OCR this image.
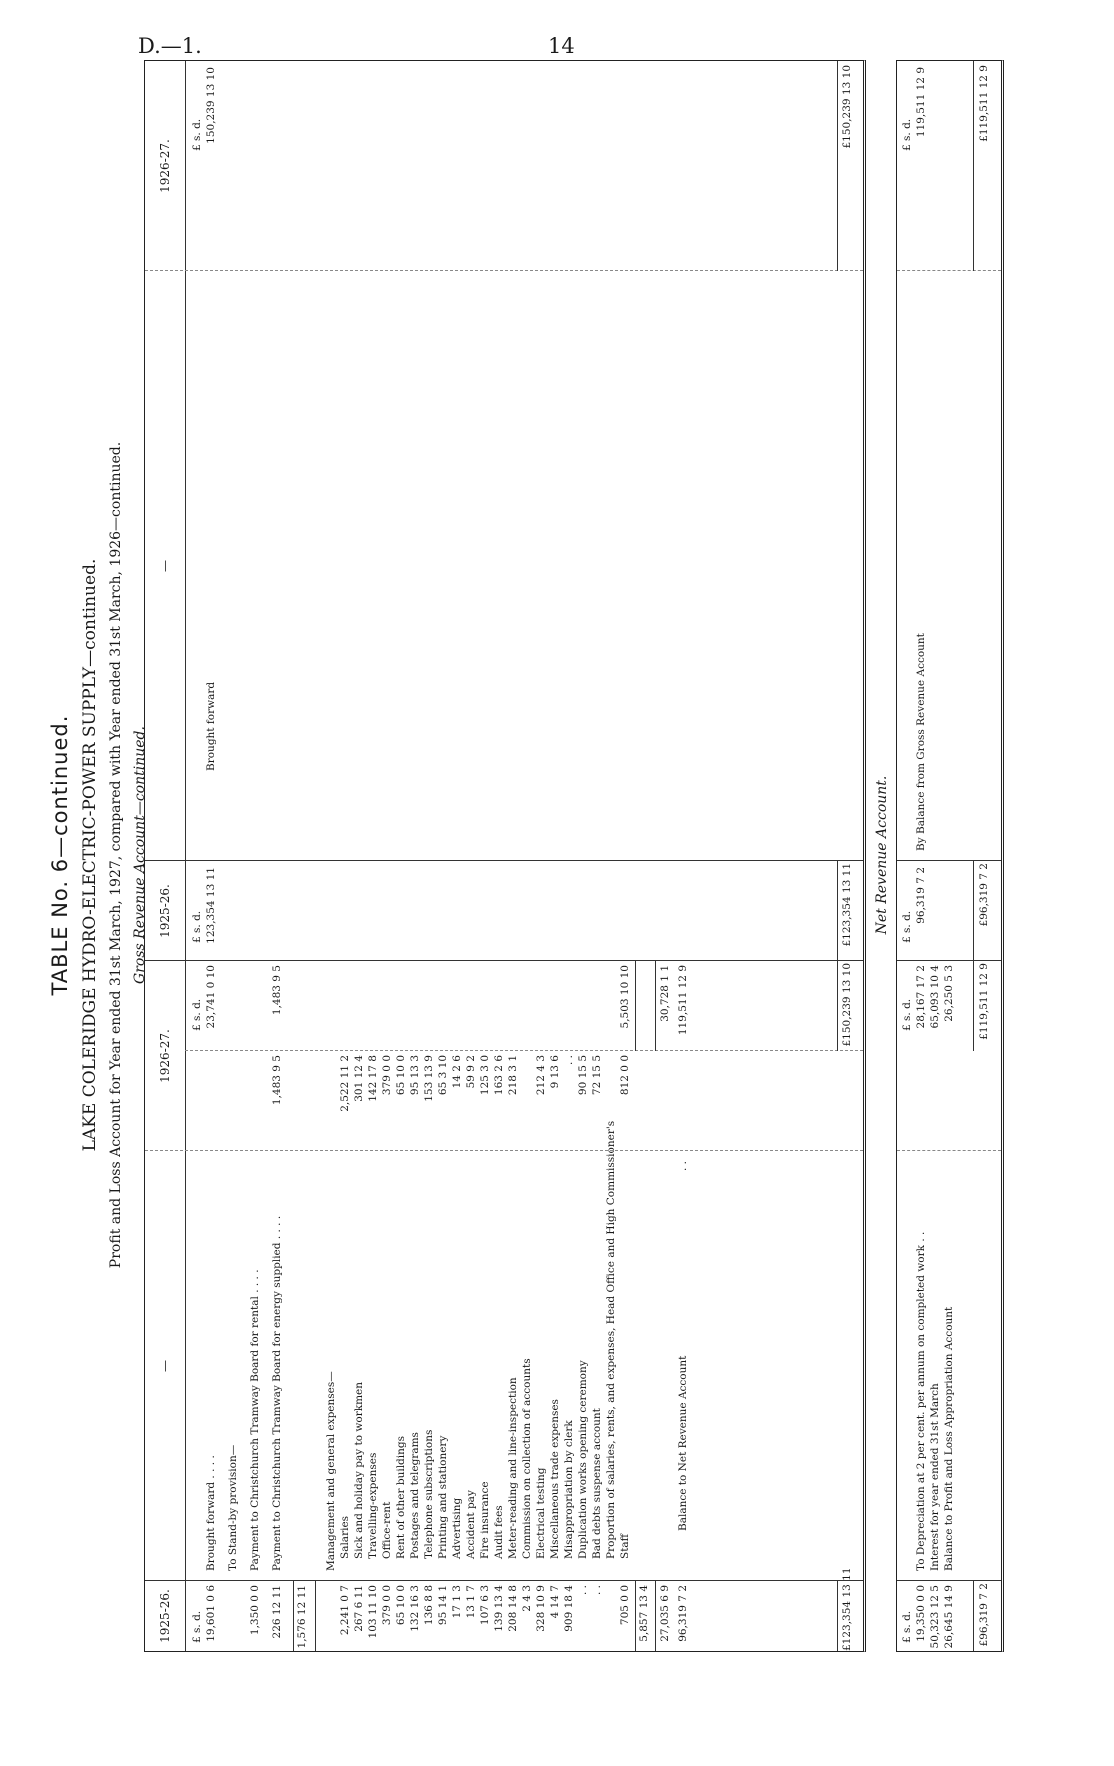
D.—1.	14
TABLE No. 6—continued. LAKE COLERIDGE HYDRO-ELECTRIC-POWER SUPPLY—continued. Profit and Loss Account for Year ended 31st March, 1927, compared with Year ended 31st March, 1926—continued. Gross Revenue Account—continued.
1925-26.
—
1926-27.
1925-26.
—
1926-27.
£ s. d.
£ s. d.
£ s. d.
£ s. d.
19,601 0 6
Brought forward . . . . To Stand-by provision—
1,350 0 0
Payment to Christchurch Tramway Board for rental . . . .
226 12 11
Payment to Christchurch Tramway Board for energy supplied . . . .
1,483 9 5
1,483 9 5
23,741 0 10
1,576 12 11
Management and general expenses—
2,241 0 7
Salaries
2,522 11 2
267 6 11
Sick and holiday pay to workmen
301 12 4
103 11 10
Travelling-expenses
142 17 8
379 0 0
Office-rent
379 0 0
65 10 0
Rent of other buildings
65 10 0
132 16 3
Postages and telegrams
95 13 3
136 8 8
Telephone subscriptions
153 13 9
95 14 1
Printing and stationery
65 3 10
17 1 3
Advertising
14 2 6
13 1 7
Accident pay
59 9 2
107 6 3
Fire insurance
125 3 0
139 13 4
Audit fees
163 2 6
208 14 8
Meter-reading and line-inspection
218 3 1
2 4 3
Commission on collection of accounts
328 10 9
Electrical testing
212 4 3
4 14 7
Miscellaneous trade expenses
9 13 6
909 18 4
Misappropriation by clerk
. .
. .
Duplication works opening ceremony
90 15 5
. .
Bad debts suspense account
72 15 5
Proportion of salaries, rents, and expenses, Head Office and High Commissioner's
705 0 0
Staff
812 0 0
5,503 10 10
5,857 13 4 27,035 6 9
30,728 1 1
96,319 7 2
Balance to Net Revenue Account
. .
119,511 12 9
£123,354 13 11
£150,239 13 10
£123,354 13 11
£150,239 13 10
123,354 13 11
Brought forward
150,239 13 10
Net Revenue Account.
£ s. d.
£ s. d.
£ s. d.
£ s. d.
19,350 0 0
To Depreciation at 2 per cent. per annum on completed work . .
28,167 17 2
50,323 12 5
Interest for year ended 31st March
65,093 10 4
26,645 14 9
Balance to Profit and Loss Appropriation Account
26,250 5 3
96,319 7 2
By Balance from Gross Revenue Account
119,511 12 9
£96,319 7 2
£119,511 12 9
£96,319 7 2
£119,511 12 9
